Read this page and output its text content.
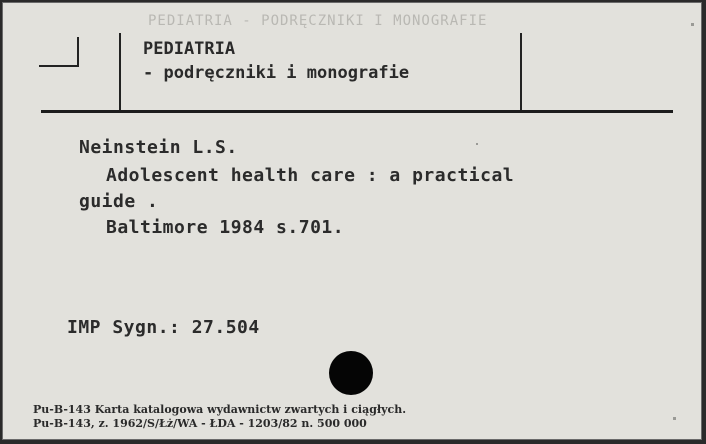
PEDIATRIA - PODRĘCZNIKI I MONOGRAFIE
PEDIATRIA
- podręczniki i monografie
Neinstein L.S.
Adolescent health care : a practical
guide .
Baltimore 1984 s.701.
IMP Sygn.: 27.504
Pu-B-143 Karta katalogowa wydawnictw zwartych i ciągłych.
Pu-B-143, z. 1962/S/Łż/WA - ŁDA - 1203/82 n. 500 000
